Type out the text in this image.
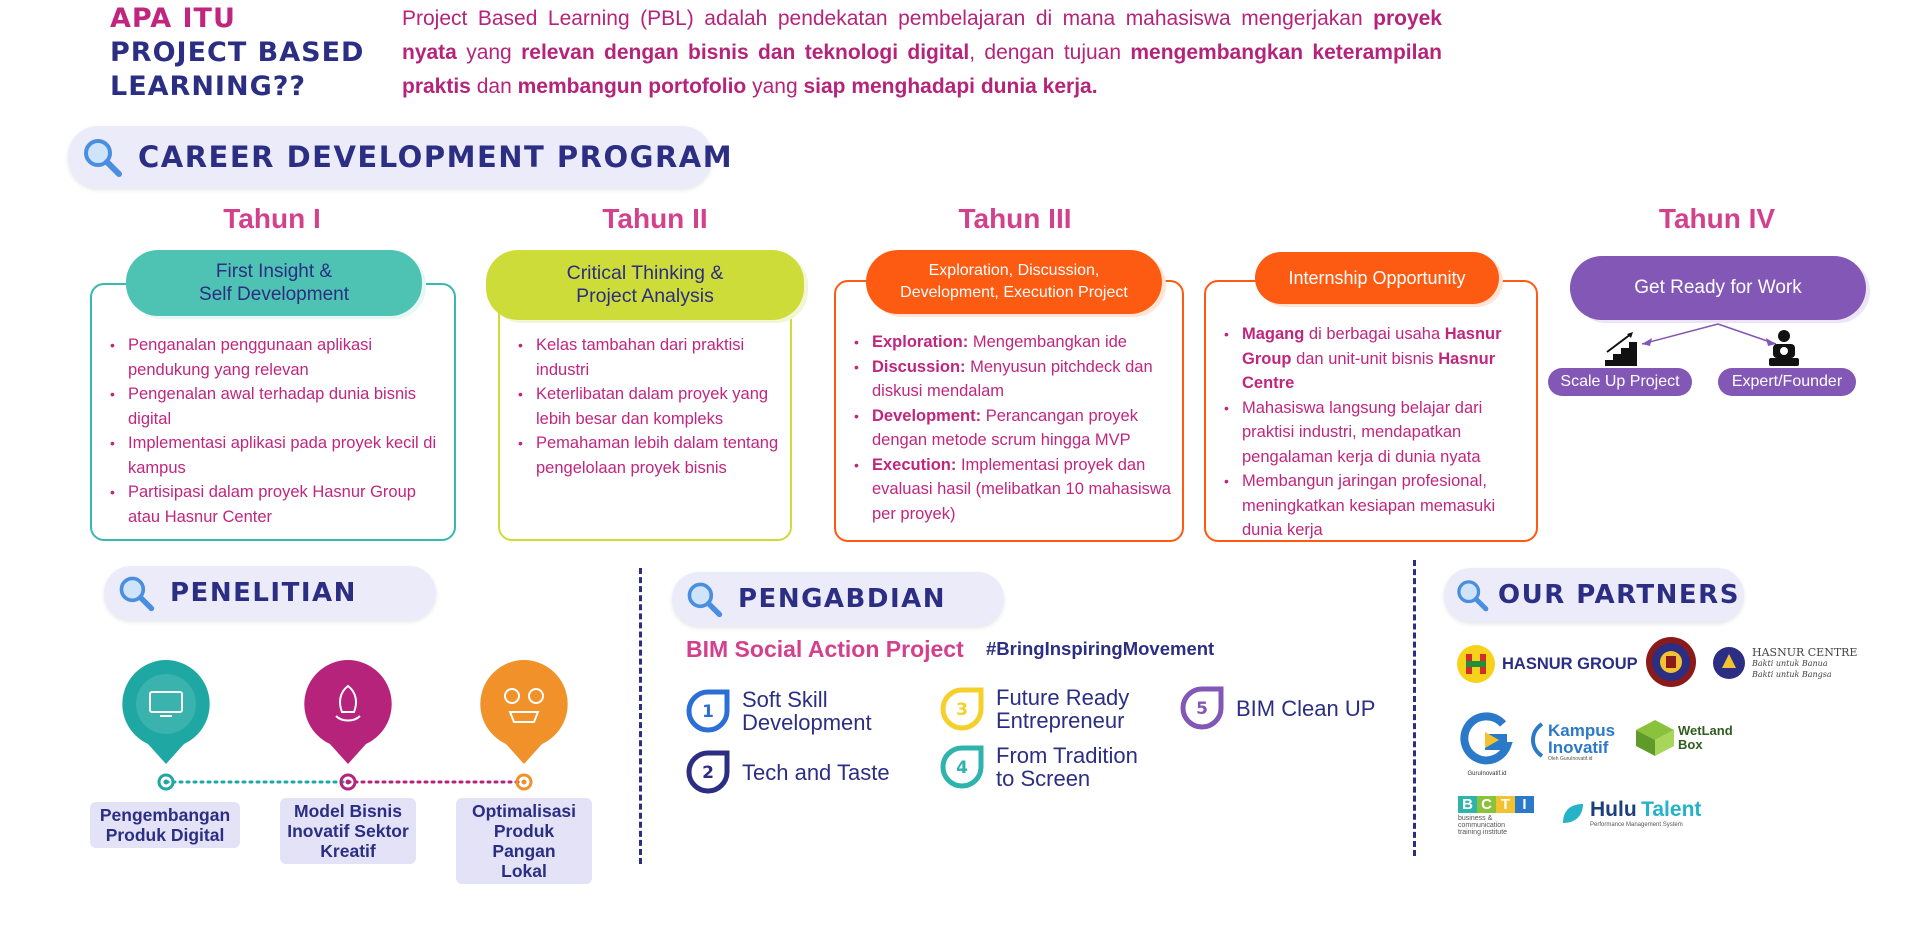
APA ITU
PROJECT BASED
LEARNING??

Project Based Learning (PBL) adalah pendekatan pembelajaran di mana mahasiswa mengerjakan proyek nyata yang relevan dengan bisnis dan teknologi digital, dengan tujuan mengembangkan keterampilan praktis dan membangun portofolio yang siap menghadapi dunia kerja.

CAREER DEVELOPMENT PROGRAM
Tahun I	Tahun II	Tahun III	Tahun IV
• Penganalan penggunaan aplikasi pendukung yang relevan
• Pengenalan awal terhadap dunia bisnis digital
• Implementasi aplikasi pada proyek kecil di kampus
• Partisipasi dalam proyek Hasnur Group atau Hasnur Center
First Insight &
Self Development
• Kelas tambahan dari praktisi industri
• Keterlibatan dalam proyek yang lebih besar dan kompleks
• Pemahaman lebih dalam tentang pengelolaan proyek bisnis
Critical Thinking &
Project Analysis
• Exploration: Mengembangkan ide
• Discussion: Menyusun pitchdeck dan diskusi mendalam
• Development: Perancangan proyek dengan metode scrum hingga MVP
• Execution: Implementasi proyek dan evaluasi hasil (melibatkan 10 mahasiswa per proyek)
Exploration, Discussion,
Development, Execution Project
• Magang di berbagai usaha Hasnur Group dan unit-unit bisnis Hasnur Centre
• Mahasiswa langsung belajar dari praktisi industri, mendapatkan pengalaman kerja di dunia nyata
• Membangun jaringan profesional, meningkatkan kesiapan memasuki dunia kerja
Internship Opportunity	Get Ready for Work
Scale Up Project	Expert/Founder
PENELITIAN
Pengembangan
Produk Digital
Model Bisnis
Inovatif Sektor
Kreatif
Optimalisasi
Produk Pangan
Lokal
PENGABDIAN
BIM Social Action Project #BringInspiringMovement
1 Soft Skill
Development
2 Tech and Taste
3 Future Ready
Entrepreneur
4 From Tradition
to Screen
5 BIM Clean UP
OUR PARTNERS
HASNUR GROUP
HASNUR CENTRE
Bakti untuk Banua
Bakti untuk Bangsa
GuruInovatif.id
Kampus
Inovatif
Oleh GuruInovatif.id
WetLand
Box
B C T I
business &
communication
training institute
Hulu Talent
Performance Management System
